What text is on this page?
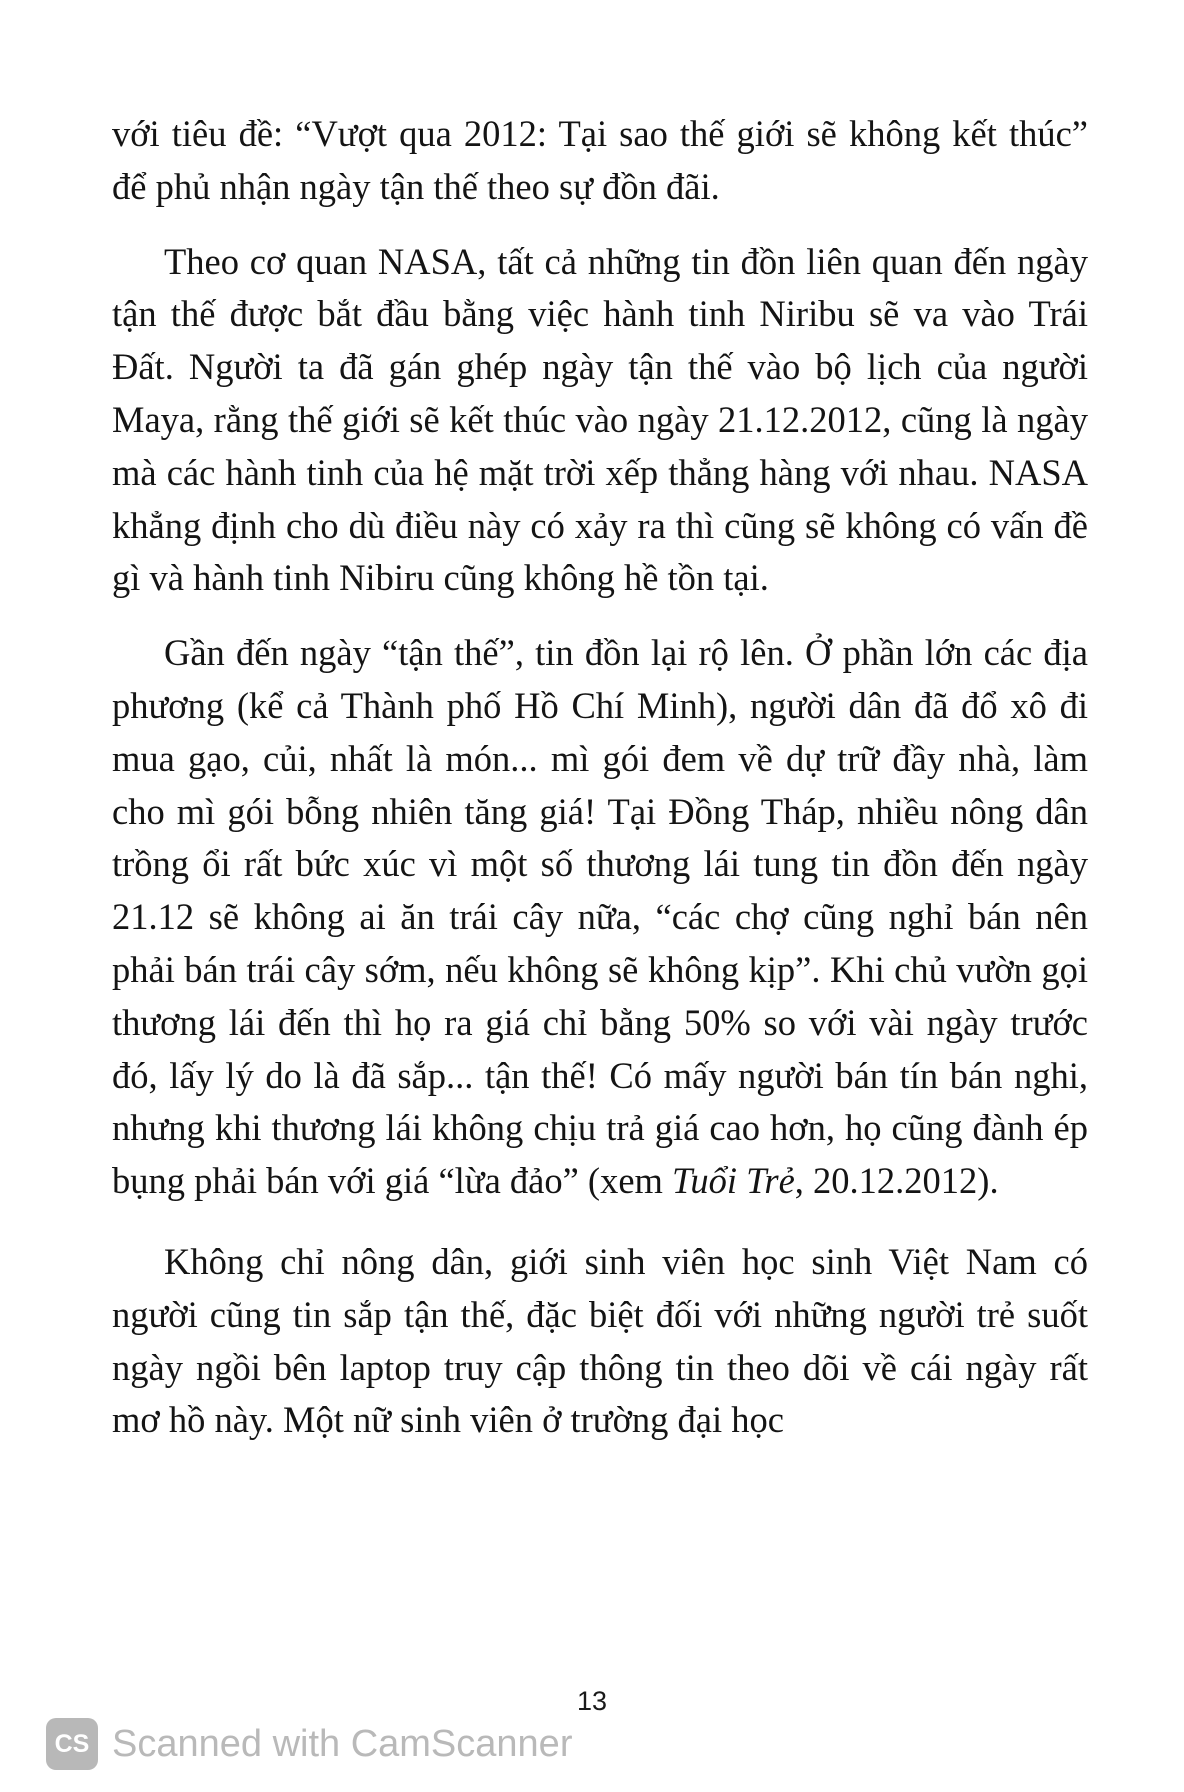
với tiêu đề: “Vượt qua 2012: Tại sao thế giới sẽ không kết thúc” để phủ nhận ngày tận thế theo sự đồn đãi.

Theo cơ quan NASA, tất cả những tin đồn liên quan đến ngày tận thế được bắt đầu bằng việc hành tinh Niribu sẽ va vào Trái Đất. Người ta đã gán ghép ngày tận thế vào bộ lịch của người Maya, rằng thế giới sẽ kết thúc vào ngày 21.12.2012, cũng là ngày mà các hành tinh của hệ mặt trời xếp thẳng hàng với nhau. NASA khẳng định cho dù điều này có xảy ra thì cũng sẽ không có vấn đề gì và hành tinh Nibiru cũng không hề tồn tại.

Gần đến ngày “tận thế”, tin đồn lại rộ lên. Ở phần lớn các địa phương (kể cả Thành phố Hồ Chí Minh), người dân đã đổ xô đi mua gạo, củi, nhất là món... mì gói đem về dự trữ đầy nhà, làm cho mì gói bỗng nhiên tăng giá! Tại Đồng Tháp, nhiều nông dân trồng ổi rất bức xúc vì một số thương lái tung tin đồn đến ngày 21.12 sẽ không ai ăn trái cây nữa, “các chợ cũng nghỉ bán nên phải bán trái cây sớm, nếu không sẽ không kịp”. Khi chủ vườn gọi thương lái đến thì họ ra giá chỉ bằng 50% so với vài ngày trước đó, lấy lý do là đã sắp... tận thế! Có mấy người bán tín bán nghi, nhưng khi thương lái không chịu trả giá cao hơn, họ cũng đành ép bụng phải bán với giá “lừa đảo” (xem Tuổi Trẻ, 20.12.2012).

Không chỉ nông dân, giới sinh viên học sinh Việt Nam có người cũng tin sắp tận thế, đặc biệt đối với những người trẻ suốt ngày ngồi bên laptop truy cập thông tin theo dõi về cái ngày rất mơ hồ này. Một nữ sinh viên ở trường đại học

13
CS Scanned with CamScanner
